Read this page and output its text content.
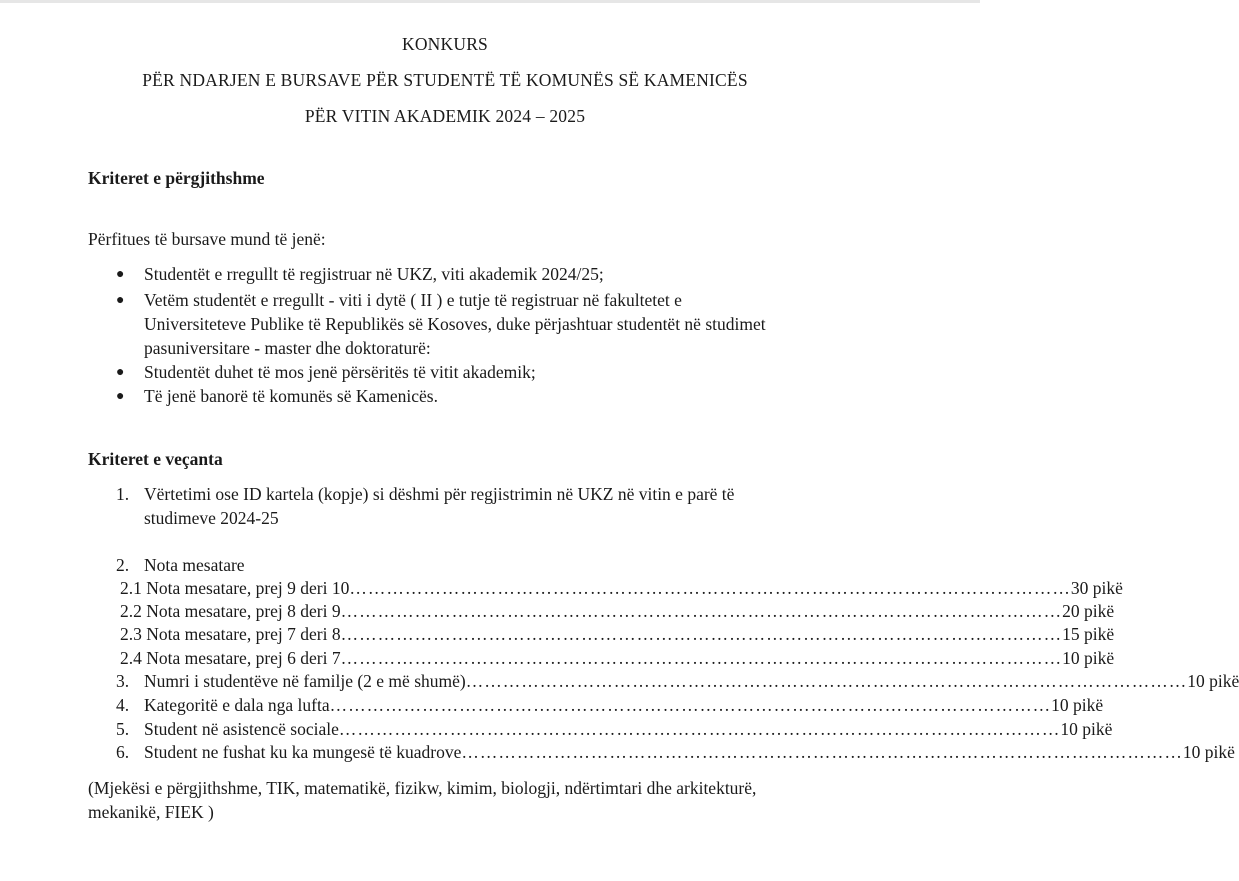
KONKURS
PËR NDARJEN E BURSAVE PËR STUDENTË TË KOMUNËS SË KAMENICËS
PËR VITIN AKADEMIK 2024 – 2025
Kriteret e përgjithshme
Përfitues të bursave mund të jenë:
● Studentët e rregullt të regjistruar në UKZ, viti akademik 2024/25;
● Vetëm studentët e rregullt - viti i dytë ( II ) e tutje të registruar në fakultetet e
Universiteteve Publike të Republikës së Kosoves, duke përjashtuar studentët në studimet
pasuniversitare - master dhe doktoraturë:
● Studentët duhet të mos jenë përsëritës të vitit akademik;
● Të jenë banorë të komunës së Kamenicës.
Kriteret e veçanta
1. Vërtetimi ose ID kartela (kopje) si dëshmi për regjistrimin në UKZ në vitin e parë të
studimeve 2024-25
2. Nota mesatare
2.1 Nota mesatare, prej 9 deri 10 ……………………………………………………………………………………………………… 30 pikë
2.2 Nota mesatare, prej 8 deri 9 ……………………………………………………………………………………………………… 20 pikë
2.3 Nota mesatare, prej 7 deri 8 ……………………………………………………………………………………………………… 15 pikë
2.4 Nota mesatare, prej 6 deri 7 ……………………………………………………………………………………………………… 10 pikë
3. Numri i studentëve në familje (2 e më shumë) ……………………………………………………………………………………………………… 10 pikë
4. Kategoritë e dala nga lufta ……………………………………………………………………………………………………… 10 pikë
5. Student në asistencë sociale ……………………………………………………………………………………………………… 10 pikë
6. Student ne fushat ku ka mungesë të kuadrove ……………………………………………………………………………………………………… 10 pikë
(Mjekësi e përgjithshme, TIK, matematikë, fizikw, kimim, biologji, ndërtimtari dhe arkitekturë,
mekanikë, FIEK )
